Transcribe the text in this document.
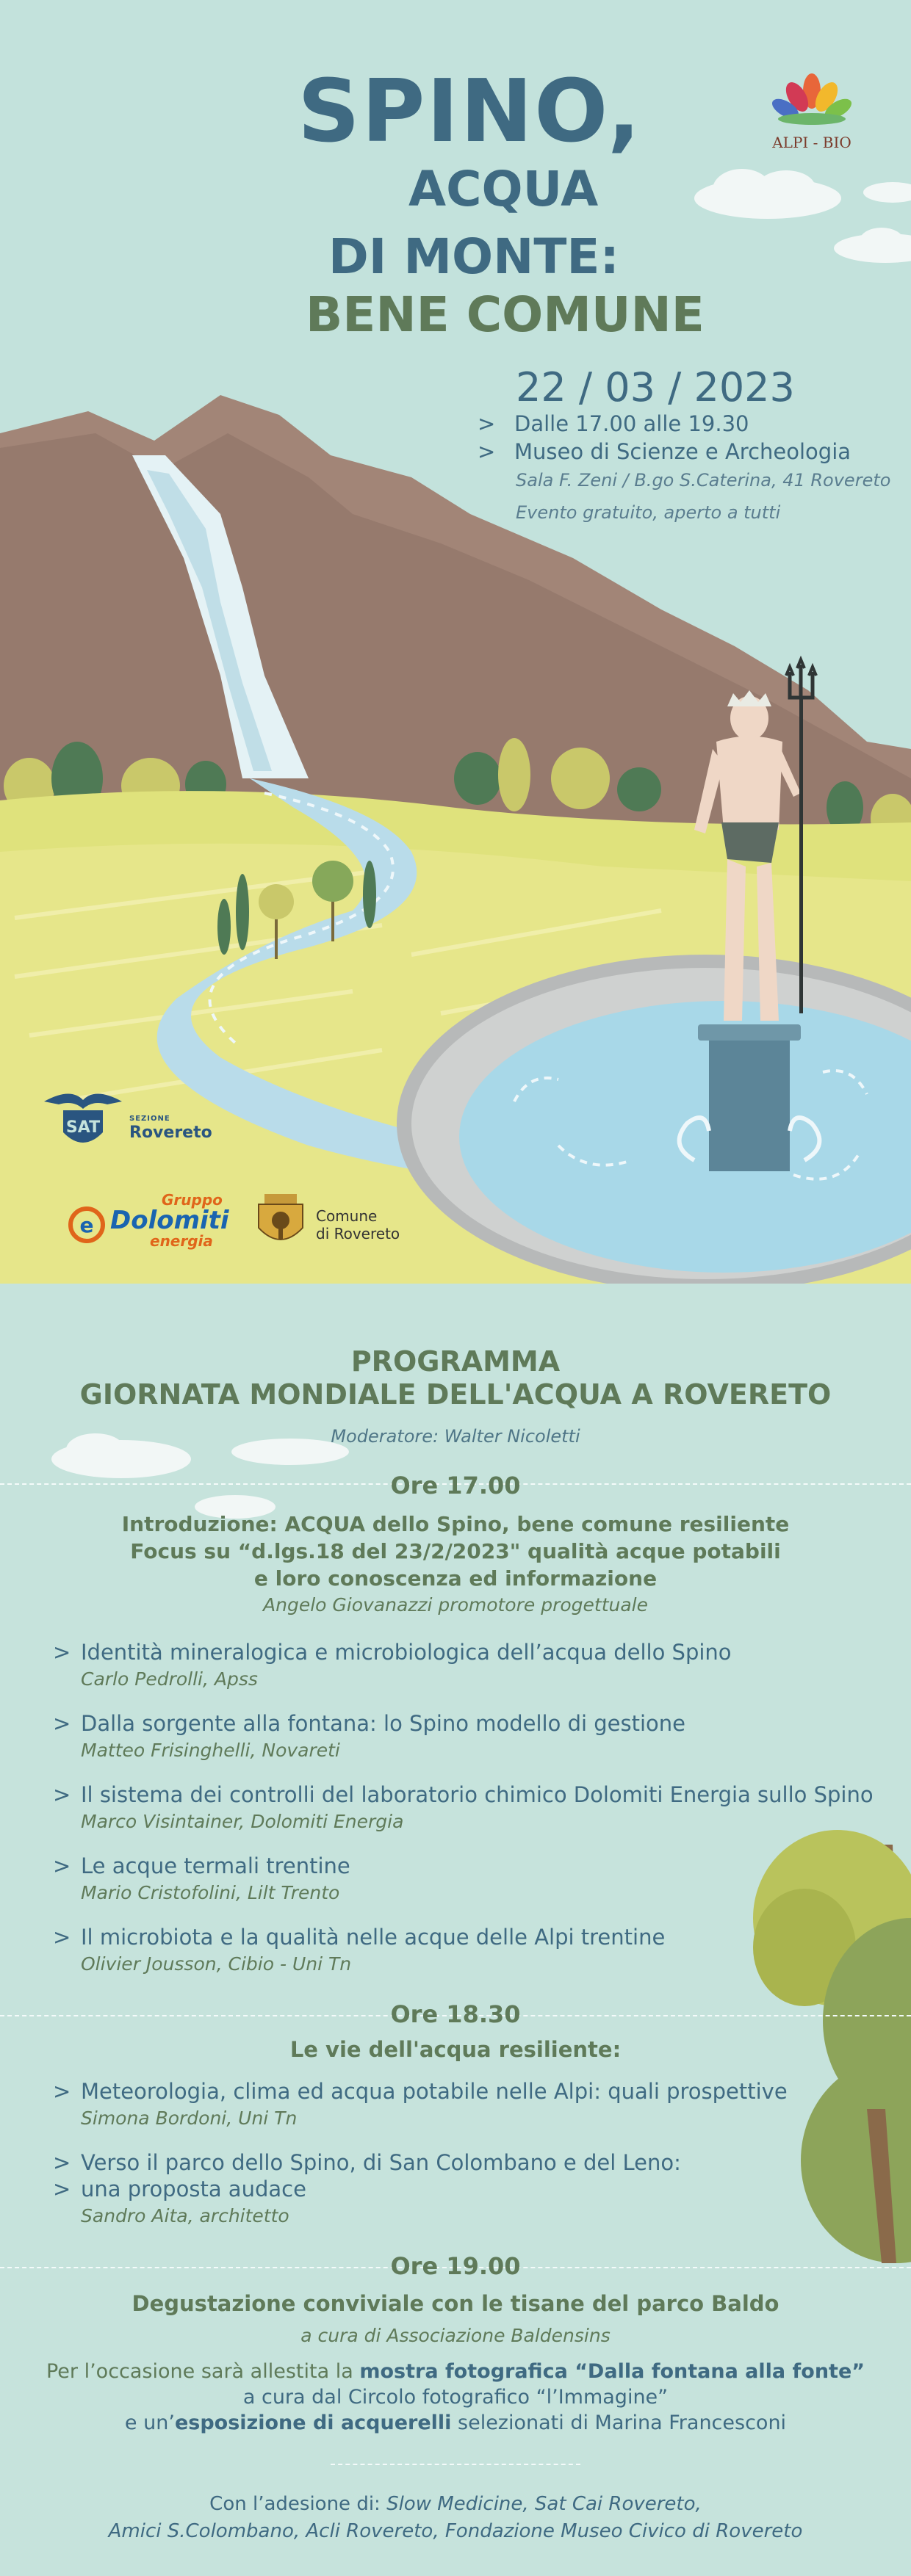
SPINO,
ACQUA
DI MONTE:
BENE COMUNE
22 / 03 / 2023
> Dalle 17.00 alle 19.30
> Museo di Scienze e Archeologia
Sala F. Zeni / B.go S.Caterina, 41 Rovereto
Evento gratuito, aperto a tutti
ALPI - BIO
SAT	SEZIONE
Rovereto
e
Gruppo
Dolomiti
energia
Comune
di Rovereto
PROGRAMMA
GIORNATA MONDIALE DELL'ACQUA A ROVERETO
Moderatore: Walter Nicoletti
Ore 17.00
Introduzione: ACQUA dello Spino, bene comune resiliente
Focus su “d.lgs.18 del 23/2/2023" qualità acque potabili
e loro conoscenza ed informazione
Angelo Giovanazzi promotore progettuale
> Identità mineralogica e microbiologica dell’acqua dello Spino
Carlo Pedrolli, Apss
> Dalla sorgente alla fontana: lo Spino modello di gestione
Matteo Frisinghelli, Novareti
> Il sistema dei controlli del laboratorio chimico Dolomiti Energia sullo Spino
Marco Visintainer, Dolomiti Energia
> Le acque termali trentine
Mario Cristofolini, Lilt Trento
> Il microbiota e la qualità nelle acque delle Alpi trentine
Olivier Jousson, Cibio - Uni Tn
Ore 18.30
Le vie dell'acqua resiliente:
> Meteorologia, clima ed acqua potabile nelle Alpi: quali prospettive
Simona Bordoni, Uni Tn
> Verso il parco dello Spino, di San Colombano e del Leno:
> una proposta audace
Sandro Aita, architetto
Ore 19.00
Degustazione conviviale con le tisane del parco Baldo
a cura di Associazione Baldensins
Per l’occasione sarà allestita la mostra fotografica “Dalla fontana alla fonte”
a cura dal Circolo fotografico “l’Immagine”
e un’esposizione di acquerelli selezionati di Marina Francesconi
Con l’adesione di: Slow Medicine, Sat Cai Rovereto,
Amici S.Colombano, Acli Rovereto, Fondazione Museo Civico di Rovereto
